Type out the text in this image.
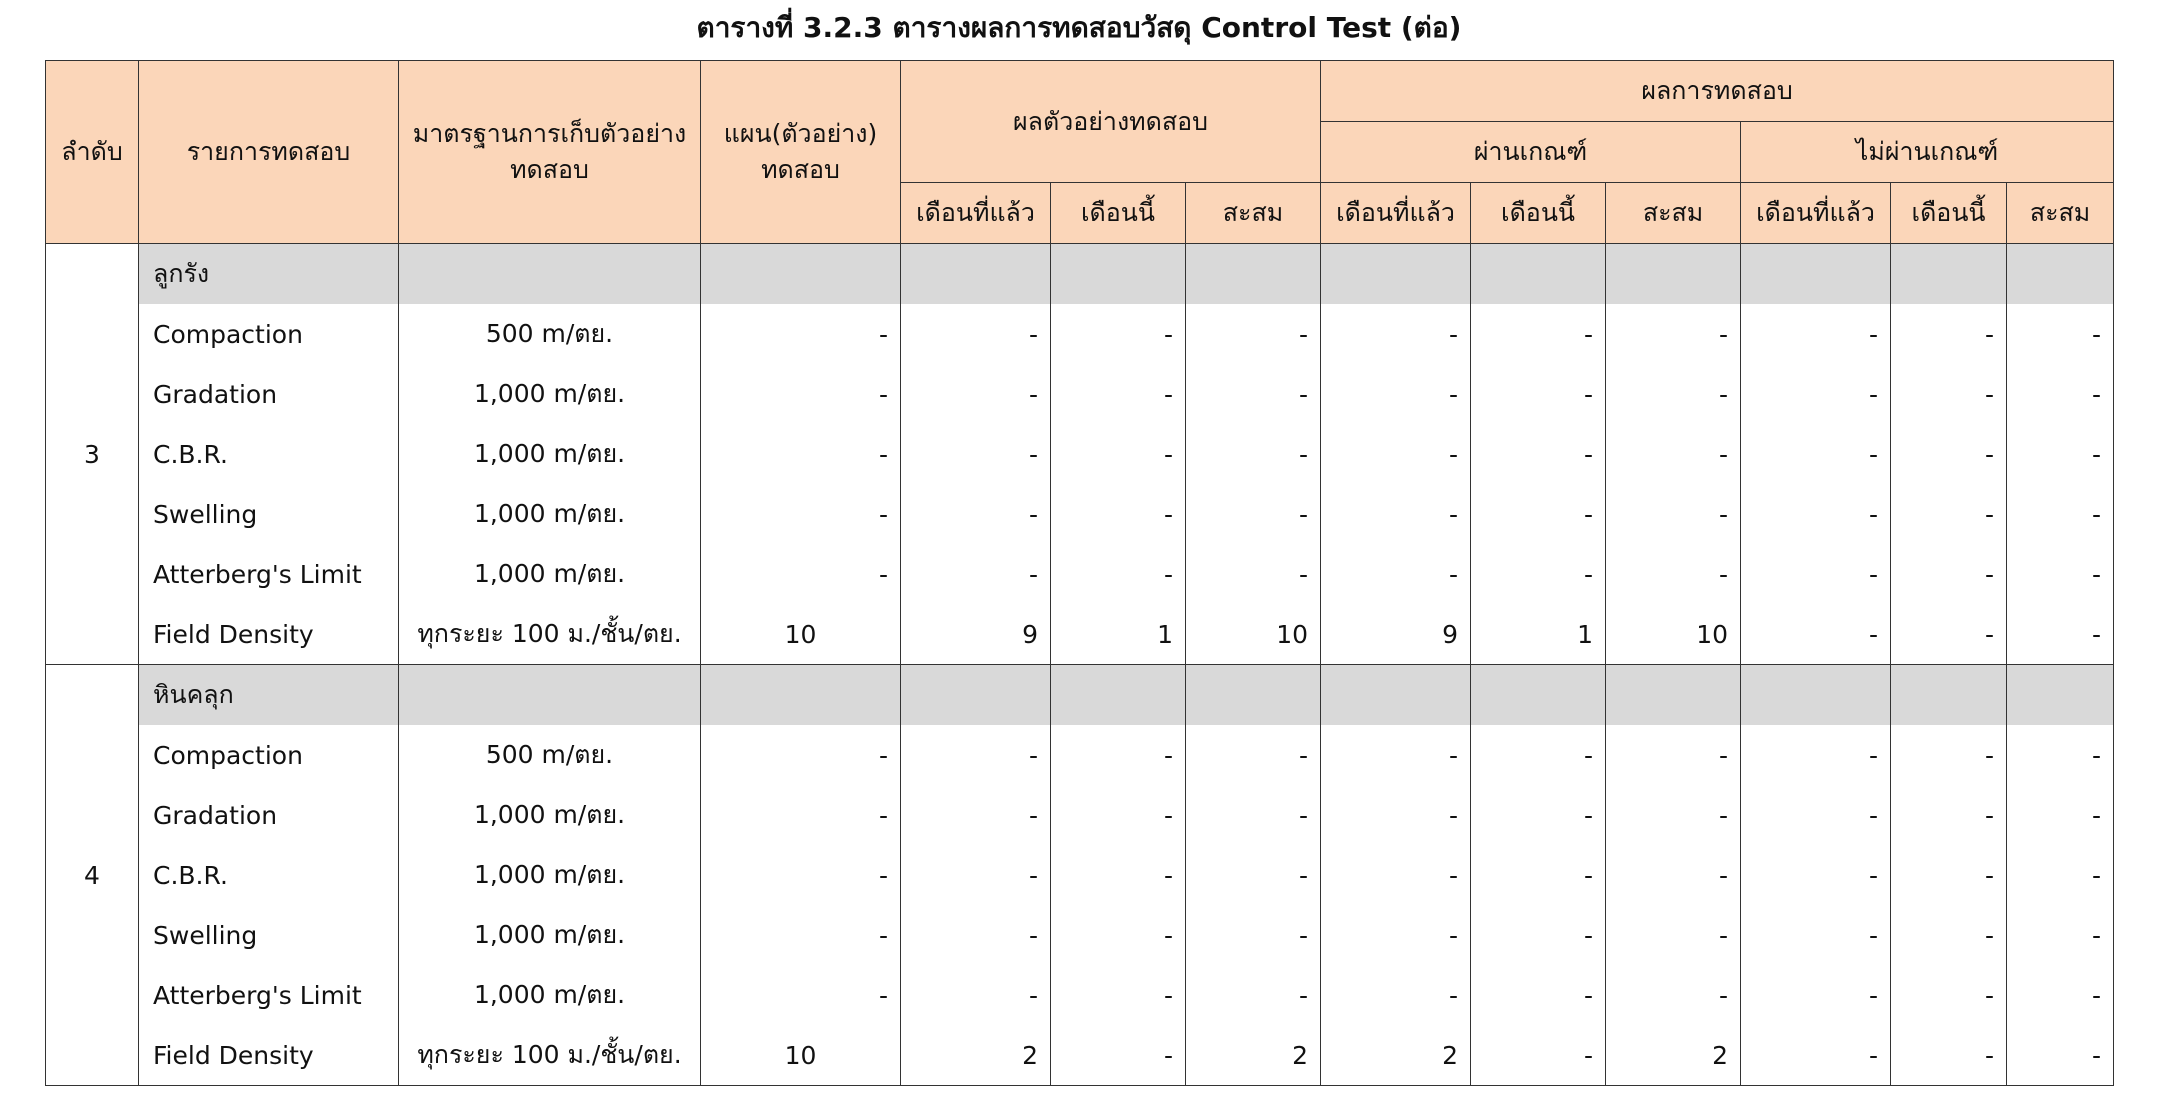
ตารางที่ 3.2.3 ตารางผลการทดสอบวัสดุ Control Test (ต่อ)
ลำดับ	รายการทดสอบ	มาตรฐานการเก็บตัวอย่างทดสอบ	แผน(ตัวอย่าง) ทดสอบ	ผลตัวอย่างทดสอบ			ผลการทดสอบ					
							ผ่านเกณฑ์			ไม่ผ่านเกณฑ์		
				เดือนที่แล้ว	เดือนนี้	สะสม	เดือนที่แล้ว	เดือนนี้	สะสม	เดือนที่แล้ว	เดือนนี้	สะสม
3	ลูกรัง											
	Compaction	500 m/ตย.	-	-	-	-	-	-	-	-	-	-
	Gradation	1,000 m/ตย.	-	-	-	-	-	-	-	-	-	-
	C.B.R.	1,000 m/ตย.	-	-	-	-	-	-	-	-	-	-
	Swelling	1,000 m/ตย.	-	-	-	-	-	-	-	-	-	-
	Atterberg's Limit	1,000 m/ตย.	-	-	-	-	-	-	-	-	-	-
	Field Density	ทุกระยะ 100 ม./ชั้น/ตย.	10	9	1	10	9	1	10	-	-	-
4	หินคลุก											
	Compaction	500 m/ตย.	-	-	-	-	-	-	-	-	-	-
	Gradation	1,000 m/ตย.	-	-	-	-	-	-	-	-	-	-
	C.B.R.	1,000 m/ตย.	-	-	-	-	-	-	-	-	-	-
	Swelling	1,000 m/ตย.	-	-	-	-	-	-	-	-	-	-
	Atterberg's Limit	1,000 m/ตย.	-	-	-	-	-	-	-	-	-	-
	Field Density	ทุกระยะ 100 ม./ชั้น/ตย.	10	2	-	2	2	-	2	-	-	-
